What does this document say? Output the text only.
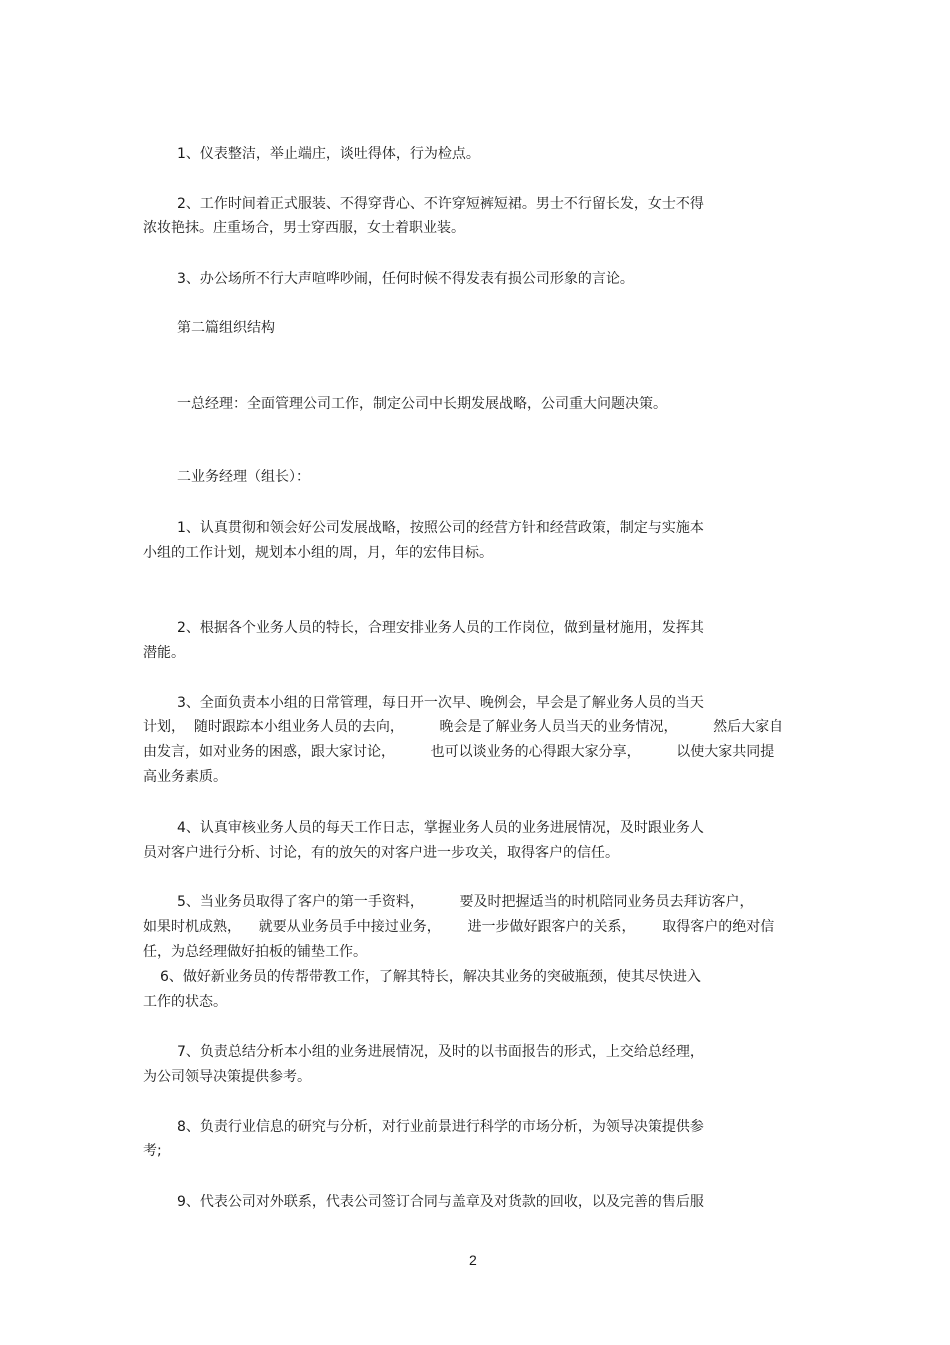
1、仪表整洁，举止端庄，谈吐得体，行为检点。

2、工作时间着正式服装、不得穿背心、不许穿短裤短裙。男士不行留长发，女士不得

浓妆艳抹。庄重场合，男士穿西服，女士着职业装。

3、办公场所不行大声喧哗吵闹，任何时候不得发表有损公司形象的言论。

第二篇组织结构

一总经理：全面管理公司工作，制定公司中长期发展战略，公司重大问题决策。

二业务经理（组长）：

1、认真贯彻和领会好公司发展战略，按照公司的经营方针和经营政策，制定与实施本

小组的工作计划，规划本小组的周，月，年的宏伟目标。

2、根据各个业务人员的特长，合理安排业务人员的工作岗位，做到量材施用，发挥其

潜能。

3、全面负责本小组的日常管理，每日开一次早、晚例会，早会是了解业务人员的当天

计划，  随时跟踪本小组业务人员的去向，        晚会是了解业务人员当天的业务情况，        然后大家自

由发言，如对业务的困惑，跟大家讨论，        也可以谈业务的心得跟大家分享，        以使大家共同提

高业务素质。

4、认真审核业务人员的每天工作日志，掌握业务人员的业务进展情况，及时跟业务人

员对客户进行分析、讨论，有的放矢的对客户进一步攻关，取得客户的信任。

5、当业务员取得了客户的第一手资料，        要及时把握适当的时机陪同业务员去拜访客户，

如果时机成熟，    就要从业务员手中接过业务，      进一步做好跟客户的关系，      取得客户的绝对信

任，为总经理做好拍板的铺垫工作。

6、做好新业务员的传帮带教工作，了解其特长，解决其业务的突破瓶颈，使其尽快进入

工作的状态。

7、负责总结分析本小组的业务进展情况，及时的以书面报告的形式，上交给总经理，

为公司领导决策提供参考。

8、负责行业信息的研究与分析，对行业前景进行科学的市场分析，为领导决策提供参

考;

9、代表公司对外联系，代表公司签订合同与盖章及对货款的回收，以及完善的售后服

2
